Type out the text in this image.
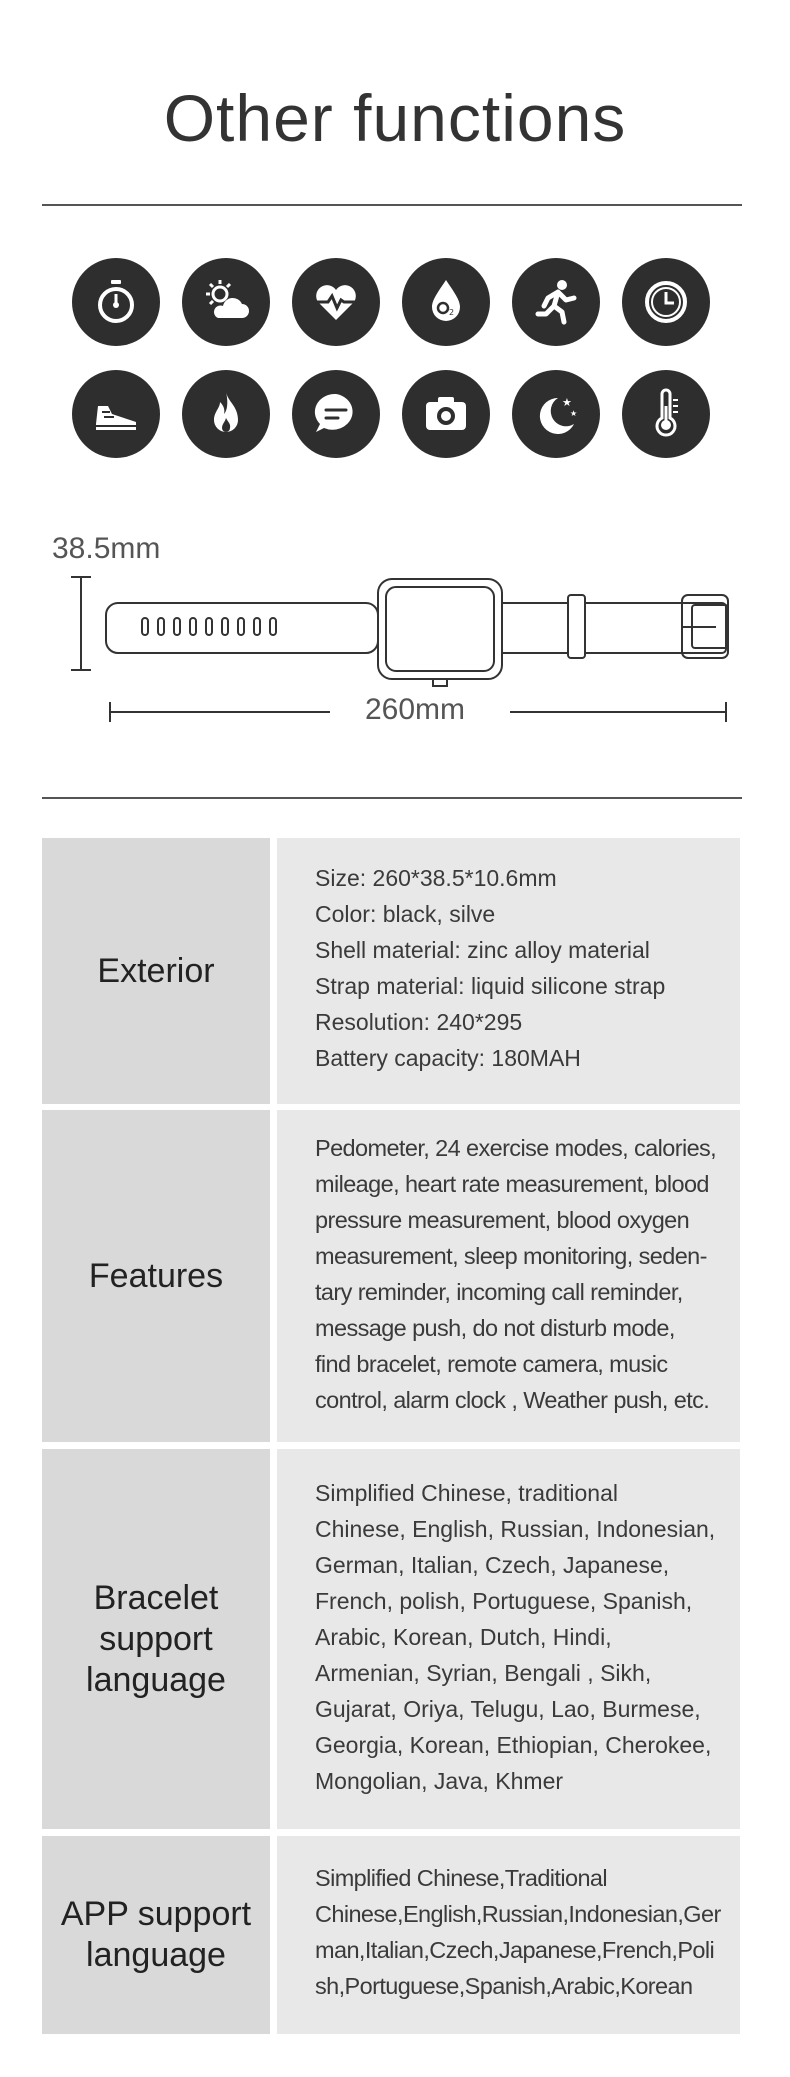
Other functions
2
★
★
38.5mm
260mm
Exterior
Size: 260*38.5*10.6mm
Color: black, silve
Shell material: zinc alloy material
Strap material: liquid silicone strap
Resolution: 240*295
Battery capacity: 180MAH
Features
Pedometer, 24 exercise modes, calories,
mileage, heart rate measurement, blood
pressure measurement, blood oxygen
measurement, sleep monitoring, seden-
tary reminder, incoming call reminder,
message push, do not disturb mode,
find bracelet, remote camera, music
control, alarm clock , Weather push, etc.
Bracelet
support
language
Simplified Chinese, traditional
Chinese, English, Russian, Indonesian,
German, Italian, Czech, Japanese,
French, polish, Portuguese, Spanish,
Arabic, Korean, Dutch, Hindi,
Armenian, Syrian, Bengali , Sikh,
Gujarat, Oriya, Telugu, Lao, Burmese,
Georgia, Korean, Ethiopian, Cherokee,
Mongolian, Java, Khmer
APP support
language
Simplified Chinese,Traditional
Chinese,English,Russian,Indonesian,Ger
man,Italian,Czech,Japanese,French,Poli
sh,Portuguese,Spanish,Arabic,Korean
